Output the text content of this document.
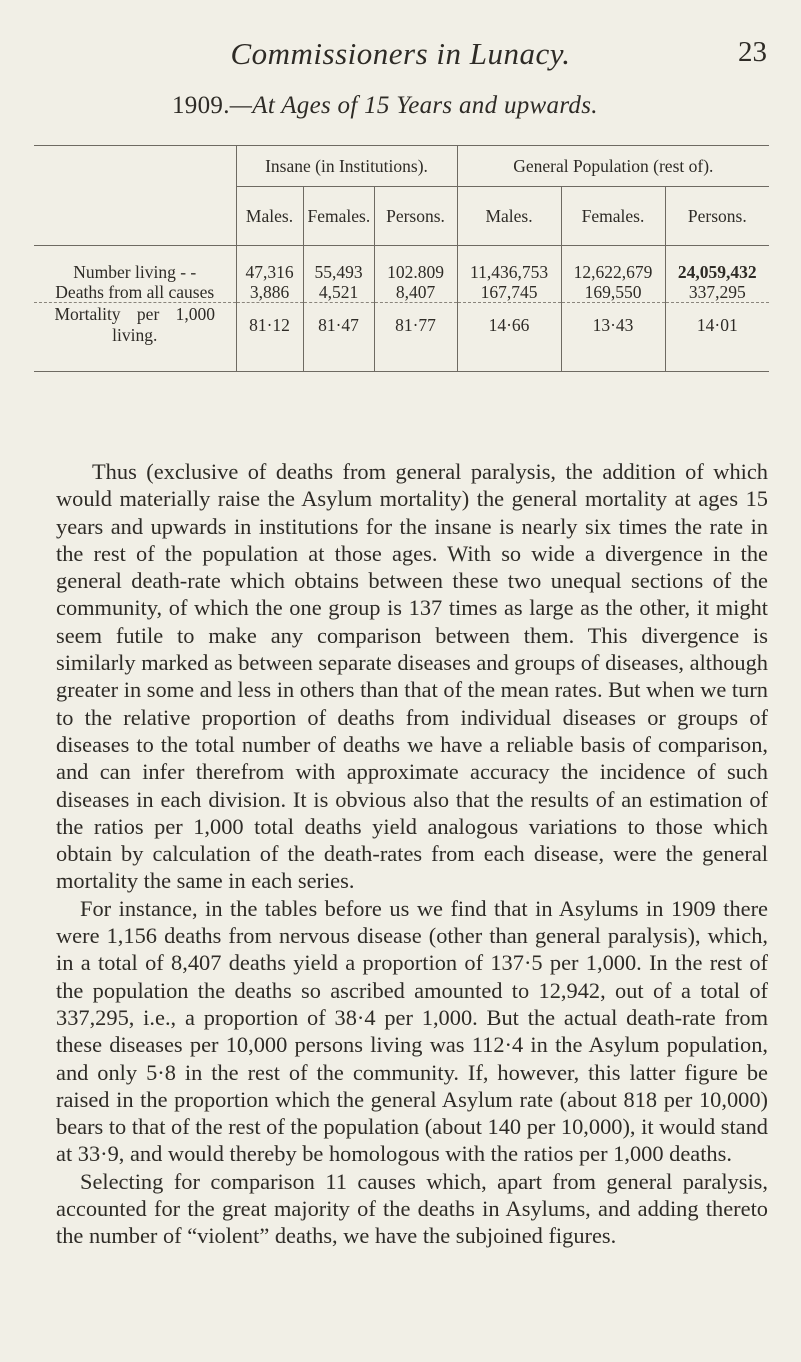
Commissioners in Lunacy.	23
1909.—At Ages of 15 Years and upwards.
	Insane (in Institutions).			General Population (rest of).		
	Males.	Females.	Persons.	Males.	Females.	Persons.

Number living - -	47,316	55,493	102.809	11,436,753	12,622,679	24,059,432
Deaths from all causes	3,886	4,521	8,407	167,745	169,550	337,295

Mortality per 1,000
living.	81·12	81·47	81·77	14·66	13·43	14·01

Thus (exclusive of deaths from general paralysis, the addition of which would materially raise the Asylum mortality) the general mortality at ages 15 years and upwards in institutions for the insane is nearly six times the rate in the rest of the population at those ages. With so wide a divergence in the general death-rate which obtains between these two unequal sections of the community, of which the one group is 137 times as large as the other, it might seem futile to make any comparison between them. This divergence is similarly marked as between separate diseases and groups of diseases, although greater in some and less in others than that of the mean rates. But when we turn to the relative proportion of deaths from individual diseases or groups of diseases to the total number of deaths we have a reliable basis of comparison, and can infer therefrom with approximate accuracy the incidence of such diseases in each division. It is obvious also that the results of an estimation of the ratios per 1,000 total deaths yield analogous variations to those which obtain by calculation of the death-rates from each disease, were the general mortality the same in each series.

For instance, in the tables before us we find that in Asylums in 1909 there were 1,156 deaths from nervous disease (other than general paralysis), which, in a total of 8,407 deaths yield a proportion of 137·5 per 1,000. In the rest of the population the deaths so ascribed amounted to 12,942, out of a total of 337,295, i.e., a proportion of 38·4 per 1,000. But the actual death-rate from these diseases per 10,000 persons living was 112·4 in the Asylum population, and only 5·8 in the rest of the community. If, however, this latter figure be raised in the proportion which the general Asylum rate (about 818 per 10,000) bears to that of the rest of the population (about 140 per 10,000), it would stand at 33·9, and would thereby be homologous with the ratios per 1,000 deaths.

Selecting for comparison 11 causes which, apart from general paralysis, accounted for the great majority of the deaths in Asylums, and adding thereto the number of “violent” deaths, we have the subjoined figures.
